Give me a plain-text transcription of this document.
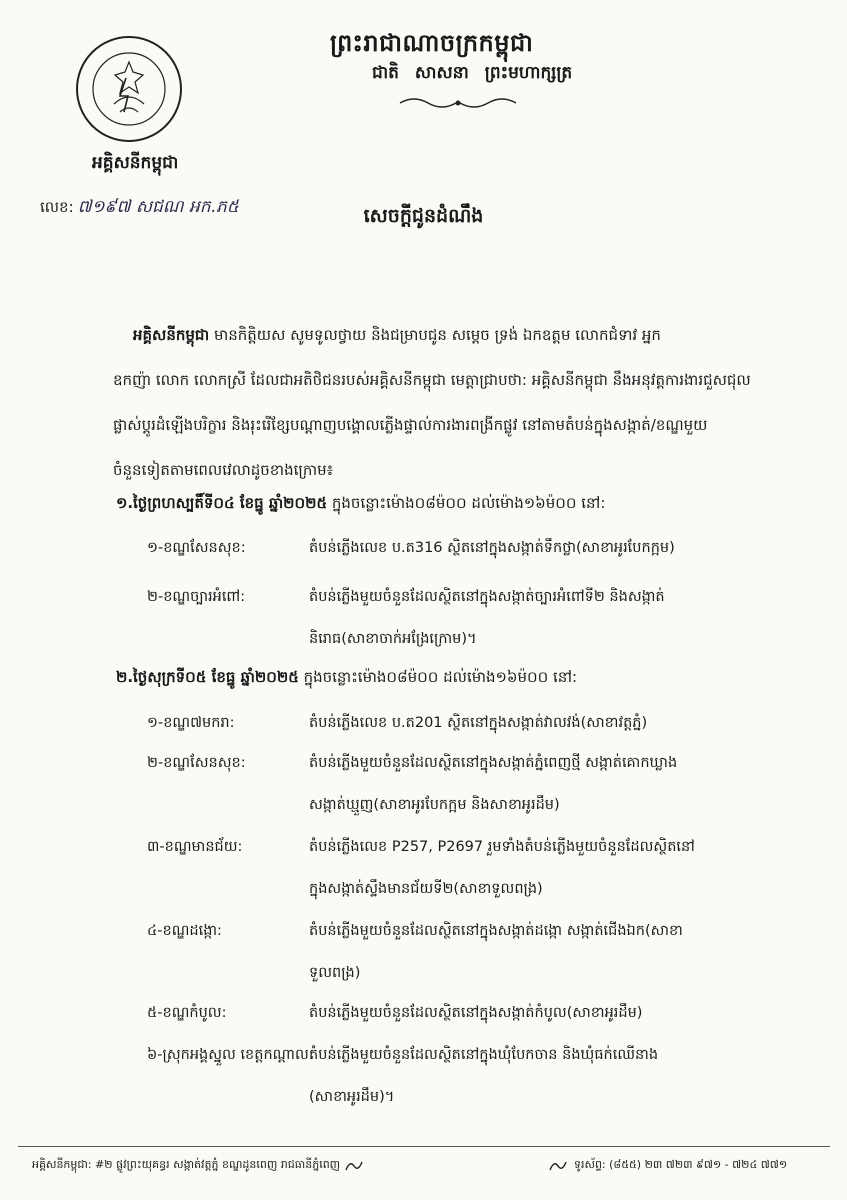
អគ្គិសនីកម្ពុជា
លេខ: ៧១៩៧ សជណ អក.ភ៥
ព្រះរាជាណាចក្រកម្ពុជា
ជាតិ សាសនា ព្រះមហាក្សត្រ
សេចក្ដីជូនដំណឹង
អគ្គិសនីកម្ពុជា មានកិត្តិយស សូមទូលថ្វាយ និងជម្រាបជូន សម្ដេច ទ្រង់ ឯកឧត្ដម លោកជំទាវ អ្នក
ឧកញ៉ា លោក លោកស្រី ដែលជាអតិថិជនរបស់អគ្គិសនីកម្ពុជា មេត្តាជ្រាបថា: អគ្គិសនីកម្ពុជា នឹងអនុវត្តការងារជួសជុល
ផ្លាស់ប្ដូរដំឡើងបរិក្ខារ និងរុះរើខ្សែបណ្ដាញបង្គោលភ្លើងផ្ទាល់ការងារពង្រីកផ្លូវ នៅតាមតំបន់ក្នុងសង្កាត់/ខណ្ឌមួយ
ចំនួនទៀតតាមពេលវេលាដូចខាងក្រោម៖
១.ថ្ងៃព្រហស្បតិ៍ទី០៤ ខែធ្នូ ឆ្នាំ២០២៥ ក្នុងចន្លោះម៉ោង០៨ម៉០០ ដល់ម៉ោង១៦ម៉០០ នៅ:
១-ខណ្ឌសែនសុខ:	តំបន់ភ្លើងលេខ ប.ត316 ស្ថិតនៅក្នុងសង្កាត់ទឹកថ្លា(សាខាអូរបែកក្អម)
២-ខណ្ឌច្បារអំពៅ:	តំបន់ភ្លើងមួយចំនួនដែលស្ថិតនៅក្នុងសង្កាត់ច្បារអំពៅទី២ និងសង្កាត់
និរោធ(សាខាចាក់អង្រែក្រោម)។
២.ថ្ងៃសុក្រទី០៥ ខែធ្នូ ឆ្នាំ២០២៥ ក្នុងចន្លោះម៉ោង០៨ម៉០០ ដល់ម៉ោង១៦ម៉០០ នៅ:
១-ខណ្ឌ៧មករា:	តំបន់ភ្លើងលេខ ប.ត201 ស្ថិតនៅក្នុងសង្កាត់វាលវង់(សាខាវត្តភ្នំ)
២-ខណ្ឌសែនសុខ:	តំបន់ភ្លើងមួយចំនួនដែលស្ថិតនៅក្នុងសង្កាត់ភ្នំពេញថ្មី សង្កាត់គោកឃ្លាង
សង្កាត់ឃ្មួញ(សាខាអូរបែកក្អម និងសាខាអូរដឹម)
៣-ខណ្ឌមានជ័យ:	តំបន់ភ្លើងលេខ P257, P2697 រួមទាំងតំបន់ភ្លើងមួយចំនួនដែលស្ថិតនៅ
ក្នុងសង្កាត់ស្ទឹងមានជ័យទី២(សាខាទួលពង្រ)
៤-ខណ្ឌដង្កោ:	តំបន់ភ្លើងមួយចំនួនដែលស្ថិតនៅក្នុងសង្កាត់ដង្កោ សង្កាត់ជើងឯក(សាខា
ទួលពង្រ)
៥-ខណ្ឌកំបូល:	តំបន់ភ្លើងមួយចំនួនដែលស្ថិតនៅក្នុងសង្កាត់កំបូល(សាខាអូរដឹម)
៦-ស្រុកអង្គស្នួល ខេត្តកណ្ដាល:
តំបន់ភ្លើងមួយចំនួនដែលស្ថិតនៅក្នុងឃុំបែកចាន និងឃុំធក់ឈើនាង
(សាខាអូរដឹម)។
អគ្គិសនីកម្ពុជា: #២ ផ្លូវព្រះយុគន្ធរ សង្កាត់វត្តភ្នំ ខណ្ឌដូនពេញ រាជធានីភ្នំពេញ	ទូរស័ព្ទ: (៨៥៥) ២៣ ៧២៣ ៩៧១ - ៧២៤ ៧៧១
